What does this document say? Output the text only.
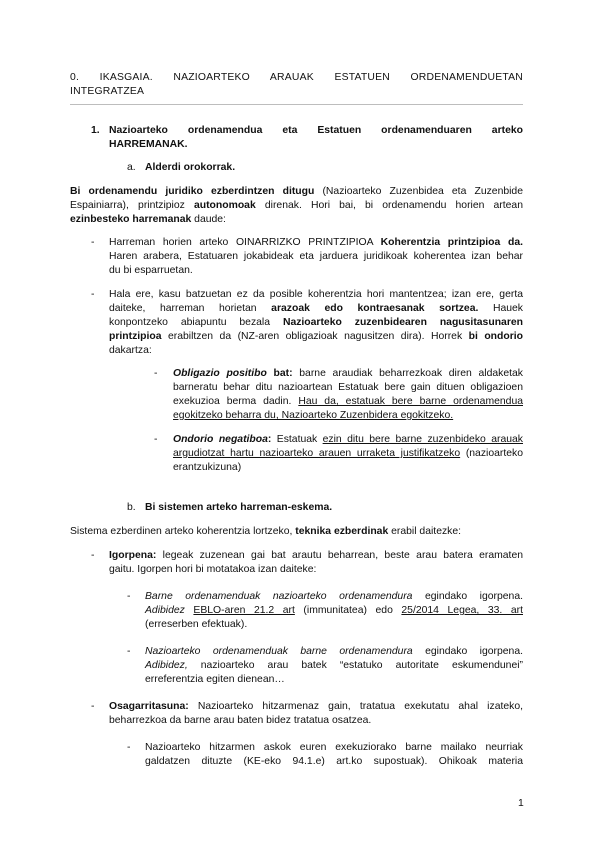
0. IKASGAIA. NAZIOARTEKO ARAUAK ESTATUEN ORDENAMENDUETAN
INTEGRATZEA
1. Nazioarteko ordenamendua eta Estatuen ordenamenduaren arteko
HARREMANAK.
a. Alderdi orokorrak.
Bi ordenamendu juridiko ezberdintzen ditugu (Nazioarteko Zuzenbidea eta Zuzenbide
Espainiarra), printzipioz autonomoak direnak. Hori bai, bi ordenamendu horien artean
ezinbesteko harremanak daude:
- Harreman horien arteko OINARRIZKO PRINTZIPIOA Koherentzia printzipioa da.
Haren arabera, Estatuaren jokabideak eta jarduera juridikoak koherentea izan behar
du bi esparruetan.
- Hala ere, kasu batzuetan ez da posible koherentzia hori mantentzea; izan ere, gerta
daiteke, harreman horietan arazoak edo kontraesanak sortzea. Hauek
konpontzeko abiapuntu bezala Nazioarteko zuzenbidearen nagusitasunaren
printzipioa erabiltzen da (NZ-aren obligazioak nagusitzen dira). Horrek bi ondorio
dakartza:
- Obligazio positibo bat: barne araudiak beharrezkoak diren aldaketak
barneratu behar ditu nazioartean Estatuak bere gain dituen obligazioen
exekuzioa berma dadin. Hau da, estatuak bere barne ordenamendua
egokitzeko beharra du, Nazioarteko Zuzenbidera egokitzeko.
- Ondorio negatiboa: Estatuak ezin ditu bere barne zuzenbideko arauak
argudiotzat hartu nazioarteko arauen urraketa justifikatzeko (nazioarteko
erantzukizuna)
b. Bi sistemen arteko harreman-eskema.
Sistema ezberdinen arteko koherentzia lortzeko, teknika ezberdinak erabil daitezke:
- Igorpena: legeak zuzenean gai bat arautu beharrean, beste arau batera eramaten
gaitu. Igorpen hori bi motatakoa izan daiteke:
- Barne ordenamenduak nazioarteko ordenamendura egindako igorpena.
Adibidez EBLO-aren 21.2 art (immunitatea) edo 25/2014 Legea, 33. art
(erreserben efektuak).
- Nazioarteko ordenamenduak barne ordenamendura egindako igorpena.
Adibidez, nazioarteko arau batek “estatuko autoritate eskumendunei”
erreferentzia egiten dienean…
- Osagarritasuna: Nazioarteko hitzarmenaz gain, tratatua exekutatu ahal izateko,
beharrezkoa da barne arau baten bidez tratatua osatzea.
- Nazioarteko hitzarmen askok euren exekuziorako barne mailako neurriak
galdatzen dituzte (KE-eko 94.1.e) art.ko supostuak). Ohikoak materia
1
